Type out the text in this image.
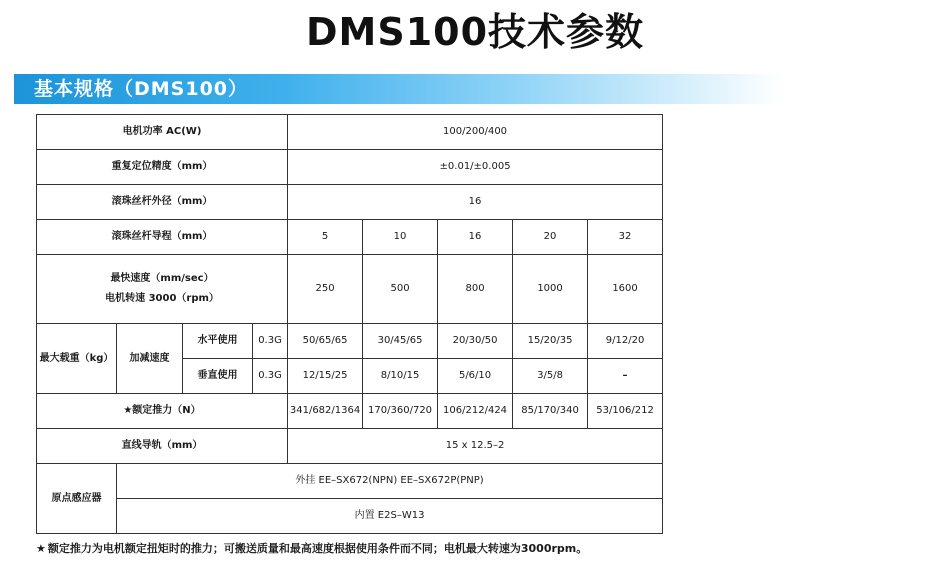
DMS100技术参数
基本规格（DMS100）
电机功率 AC(W)				100/200/400				
重复定位精度（mm）				±0.01/±0.005				
滚珠丝杆外径（mm）				16				
滚珠丝杆导程（mm）				5	10	16	20	32

最快速度（mm/sec）
电机转速 3000（rpm）				250	500	800	1000	1600
最大载重（kg）	加减速度	水平使用	0.3G	50/65/65	30/45/65	20/30/50	15/20/35	9/12/20
		垂直使用	0.3G	12/15/25	8/10/15	5/6/10	3/5/8	–
★额定推力（N）				341/682/1364	170/360/720	106/212/424	85/170/340	53/106/212
直线导轨（mm）				15 x 12.5–2				
原点感应器	外挂 EE–SX672(NPN) EE–SX672P(PNP)							
	内置 E2S–W13							
★ 额定推力为电机额定扭矩时的推力；可搬送质量和最高速度根据使用条件而不同；电机最大转速为3000rpm。
